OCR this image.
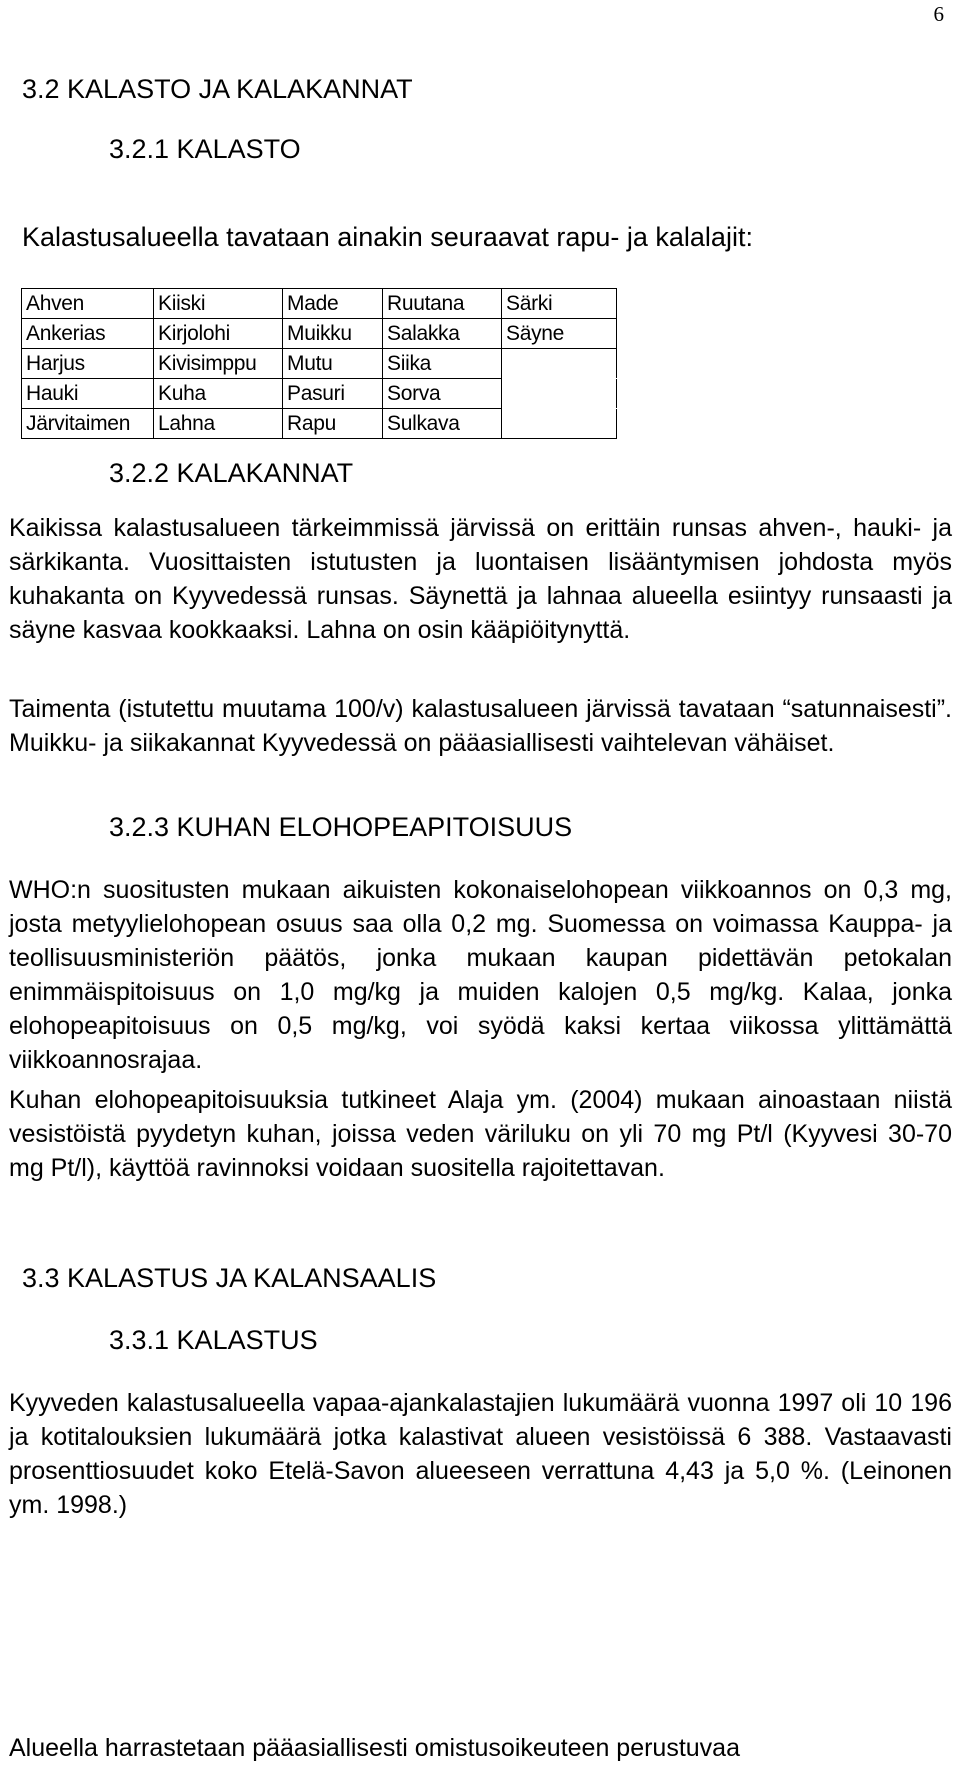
6
3.2 KALASTO JA KALAKANNAT
3.2.1 KALASTO
Kalastusalueella tavataan ainakin seuraavat rapu- ja kalalajit:
Ahven	Kiiski	Made	Ruutana	Särki
Ankerias	Kirjolohi	Muikku	Salakka	Säyne
Harjus	Kivisimppu	Mutu	Siika	
Hauki	Kuha	Pasuri	Sorva	
Järvitaimen	Lahna	Rapu	Sulkava	
3.2.2 KALAKANNAT

Kaikissa kalastusalueen tärkeimmissä järvissä on erittäin runsas ahven-, hauki- ja särkikanta. Vuosittaisten istutusten ja luontaisen lisääntymisen johdosta myös kuhakanta on Kyyvedessä runsas. Säynettä ja lahnaa alueella esiintyy runsaasti ja säyne kasvaa kookkaaksi. Lahna on osin kääpiöitynyttä.

Taimenta (istutettu muutama 100/v) kalastusalueen järvissä tavataan “satunnaisesti”. Muikku- ja siikakannat Kyyvedessä on pääasiallisesti vaihtelevan vähäiset.

3.2.3 KUHAN ELOHOPEAPITOISUUS

WHO:n suositusten mukaan aikuisten kokonaiselohopean viikkoannos on 0,3 mg, josta metyylielohopean osuus saa olla 0,2 mg. Suomessa on voimassa Kauppa- ja teollisuusministeriön päätös, jonka mukaan kaupan pidettävän petokalan enimmäispitoisuus on 1,0 mg/kg ja muiden kalojen 0,5 mg/kg. Kalaa, jonka elohopeapitoisuus on 0,5 mg/kg, voi syödä kaksi kertaa viikossa ylittämättä viikkoannosrajaa.

Kuhan elohopeapitoisuuksia tutkineet Alaja ym. (2004) mukaan ainoastaan niistä vesistöistä pyydetyn kuhan, joissa veden väriluku on yli 70 mg Pt/l (Kyyvesi 30-70 mg Pt/l), käyttöä ravinnoksi voidaan suositella rajoitettavan.

3.3 KALASTUS JA KALANSAALIS
3.3.1 KALASTUS

Kyyveden kalastusalueella vapaa-ajankalastajien lukumäärä vuonna 1997 oli 10 196 ja kotitalouksien lukumäärä jotka kalastivat alueen vesistöissä 6 388. Vastaavasti prosenttiosuudet koko Etelä-Savon alueeseen verrattuna 4,43 ja 5,0 %. (Leinonen ym. 1998.)

Alueella harrastetaan pääasiallisesti omistusoikeuteen perustuvaa
